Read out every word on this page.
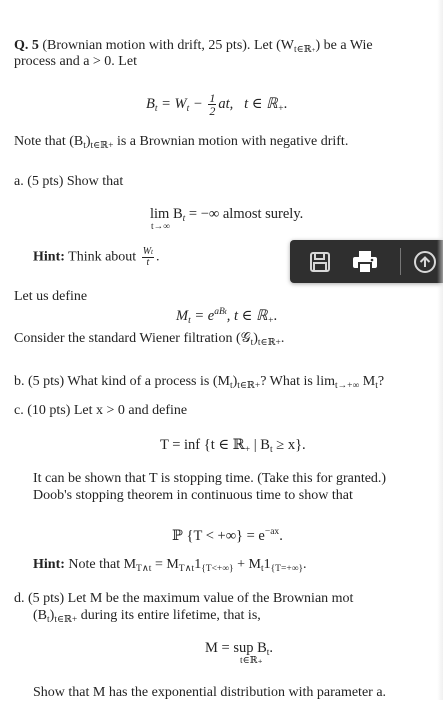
Q. 5 (Brownian motion with drift, 25 pts). Let $(W_{t\in ℝ+})$ be a Wie
process and a > 0. Let
$B_t = W_t - \frac{1}{2}$ at, t ∈ ℝ$_+$.
Note that $(B_t)_{t\in ℝ+}$ is a Brownian motion with negative drift.
a. (5 pts) Show that
$\lim B_t$ = −∞ almost surely.
t→∞
Hint: Think about $\frac{Wt}{t}$ .
Let us define
$M_t = e^{aBt}$, t ∈ ℝ$_+$.
Consider the standard Wiener filtration $(𝒢_t)_{t\in ℝ+}$.
b. (5 pts) What kind of a process is $(M_t)_{t\in ℝ+}$? What is $\lim_{t\to+\infty} M_t$?
c. (10 pts) Let x > 0 and define
T = inf {t ∈ ℝ$_+$ | $B_t \ge x$}.
It can be shown that T is stopping time. (Take this for granted.)
Doob's stopping theorem in continuous time to show that
ℙ {T < +∞} = $e^{-ax}$.
Hint: Note that $M_{T\wedge t} = M_{T\wedge t}1_{\{T<+\infty\}} + M_t1_{\{T=+\infty\}}$.
d. (5 pts) Let M be the maximum value of the Brownian mot
$(B_t)_{t\in ℝ+}$ during its entire lifetime, that is,
M = sup $B_t$.
t∈ℝ₊
Show that M has the exponential distribution with parameter a.
